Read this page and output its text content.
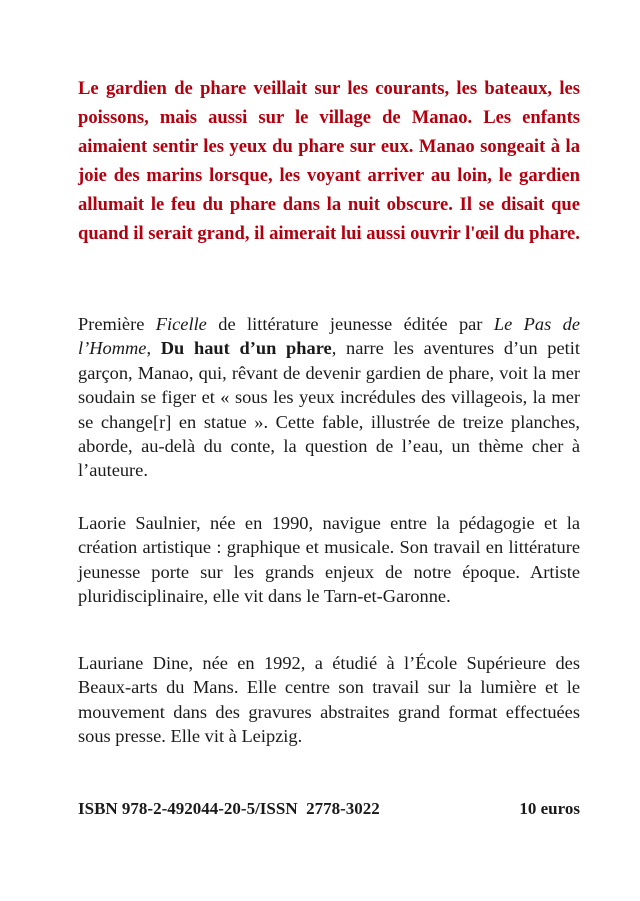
Le gardien de phare veillait sur les courants, les bateaux, les poissons, mais aussi sur le village de Manao. Les enfants aimaient sentir les yeux du phare sur eux. Manao songeait à la joie des marins lorsque, les voyant arriver au loin, le gardien allumait le feu du phare dans la nuit obscure. Il se disait que quand il serait grand, il aimerait lui aussi ouvrir l'œil du phare.

Première Ficelle de littérature jeunesse éditée par Le Pas de l’Homme, Du haut d’un phare, narre les aventures d’un petit garçon, Manao, qui, rêvant de devenir gardien de phare, voit la mer soudain se figer et « sous les yeux incrédules des villageois, la mer se change[r] en statue ». Cette fable, illustrée de treize planches, aborde, au-delà du conte, la question de l’eau, un thème cher à l’auteure.

Laorie Saulnier, née en 1990, navigue entre la pédagogie et la création artistique : graphique et musicale. Son travail en littérature jeunesse porte sur les grands enjeux de notre époque. Artiste pluridisciplinaire, elle vit dans le Tarn-et-Garonne.

Lauriane Dine, née en 1992, a étudié à l’École Supérieure des Beaux-arts du Mans. Elle centre son travail sur la lumière et le mouvement dans des gravures abstraites grand format effectuées sous presse. Elle vit à Leipzig.

ISBN 978-2-492044-20-5/ISSN  2778-3022	10 euros
